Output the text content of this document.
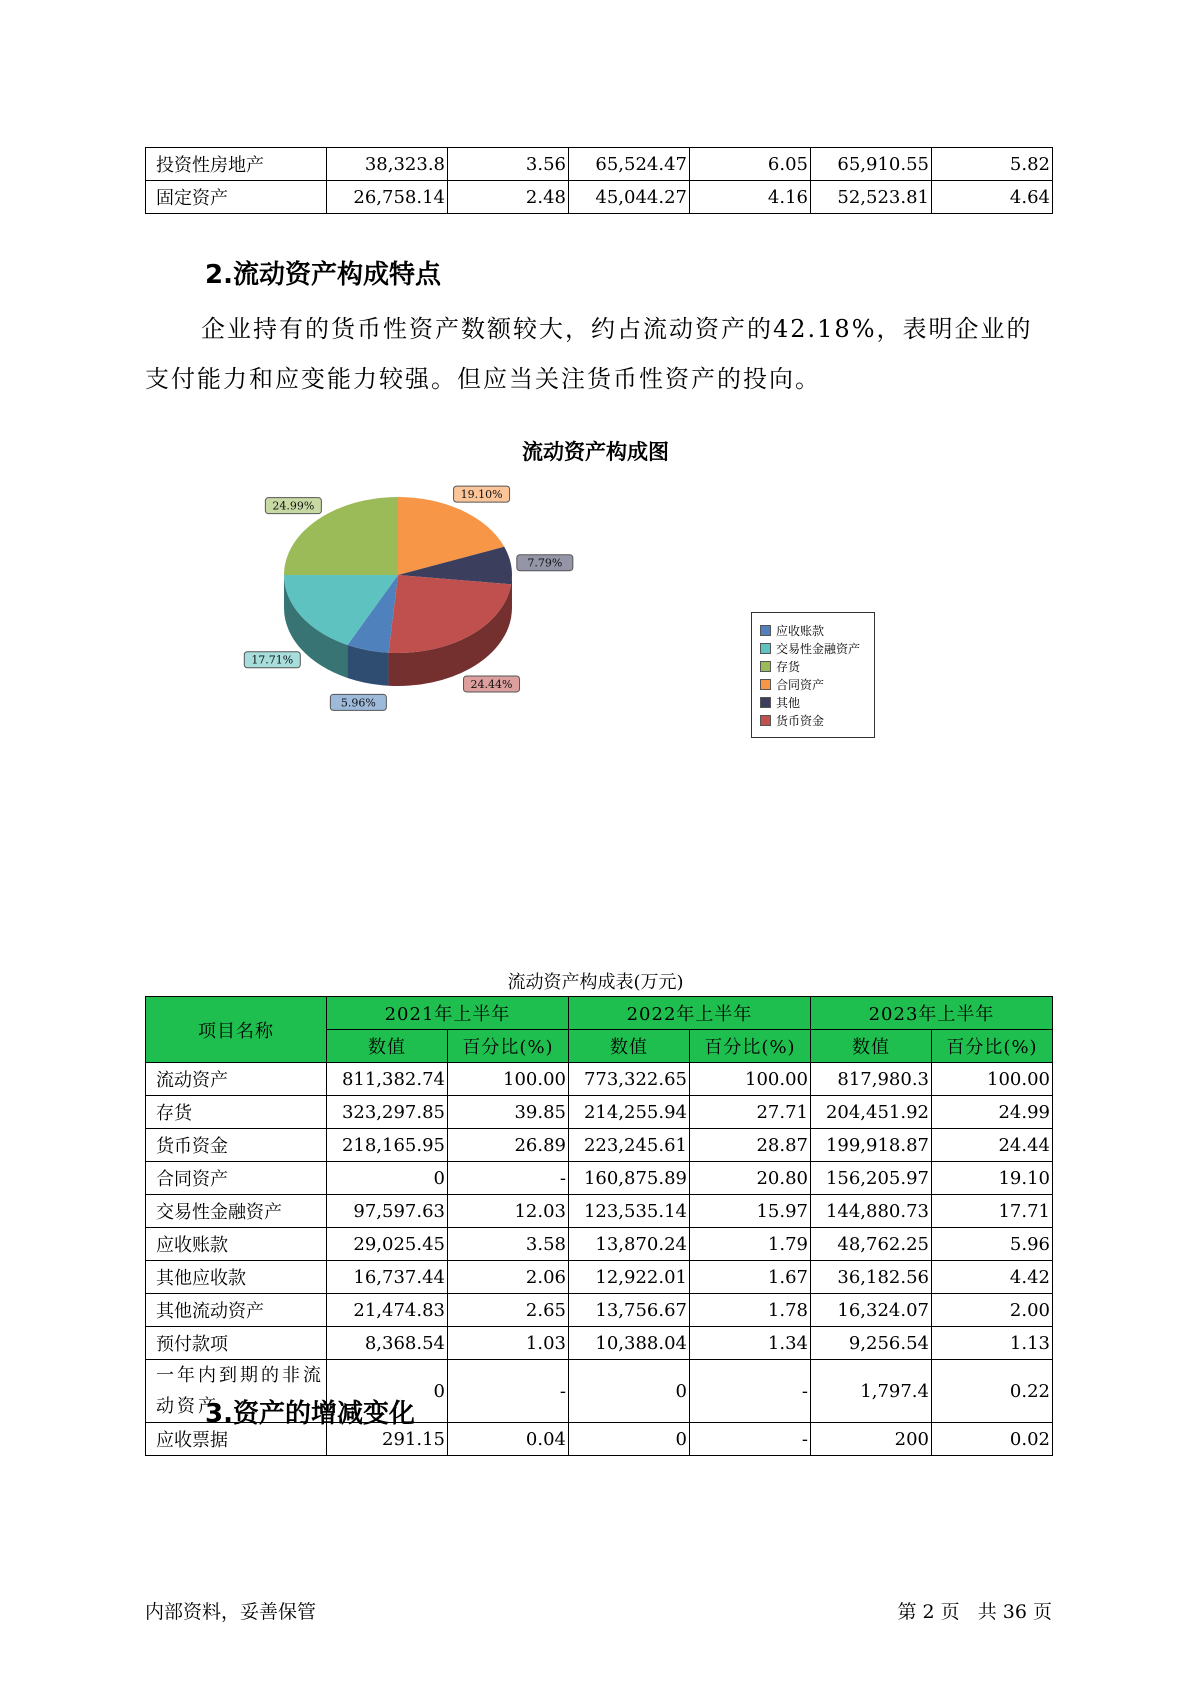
投资性房地产	38,323.8	3.56	65,524.47	6.05	65,910.55	5.82
固定资产	26,758.14	2.48	45,044.27	4.16	52,523.81	4.64
2.流动资产构成特点

企业持有的货币性资产数额较大，约占流动资产的42.18%，表明企业的支付能力和应变能力较强。但应当关注货币性资产的投向。

流动资产构成图
19.10%
7.79%
24.44%
5.96%
17.71%
24.99%
应收账款
交易性金融资产
存货
合同资产
其他
货币资金
流动资产构成表(万元)
项目名称	2021年上半年		2022年上半年		2023年上半年	
	数值	百分比(%)	数值	百分比(%)	数值	百分比(%)
流动资产	811,382.74	100.00	773,322.65	100.00	817,980.3	100.00
存货	323,297.85	39.85	214,255.94	27.71	204,451.92	24.99
货币资金	218,165.95	26.89	223,245.61	28.87	199,918.87	24.44
合同资产	0	-	160,875.89	20.80	156,205.97	19.10
交易性金融资产	97,597.63	12.03	123,535.14	15.97	144,880.73	17.71
应收账款	29,025.45	3.58	13,870.24	1.79	48,762.25	5.96
其他应收款	16,737.44	2.06	12,922.01	1.67	36,182.56	4.42
其他流动资产	21,474.83	2.65	13,756.67	1.78	16,324.07	2.00
预付款项	8,368.54	1.03	10,388.04	1.34	9,256.54	1.13
一年内到期的非流动资产	0	-	0	-	1,797.4	0.22
应收票据	291.15	0.04	0	-	200	0.02
3.资产的增减变化
内部资料，妥善保管	第 2 页   共 36 页
